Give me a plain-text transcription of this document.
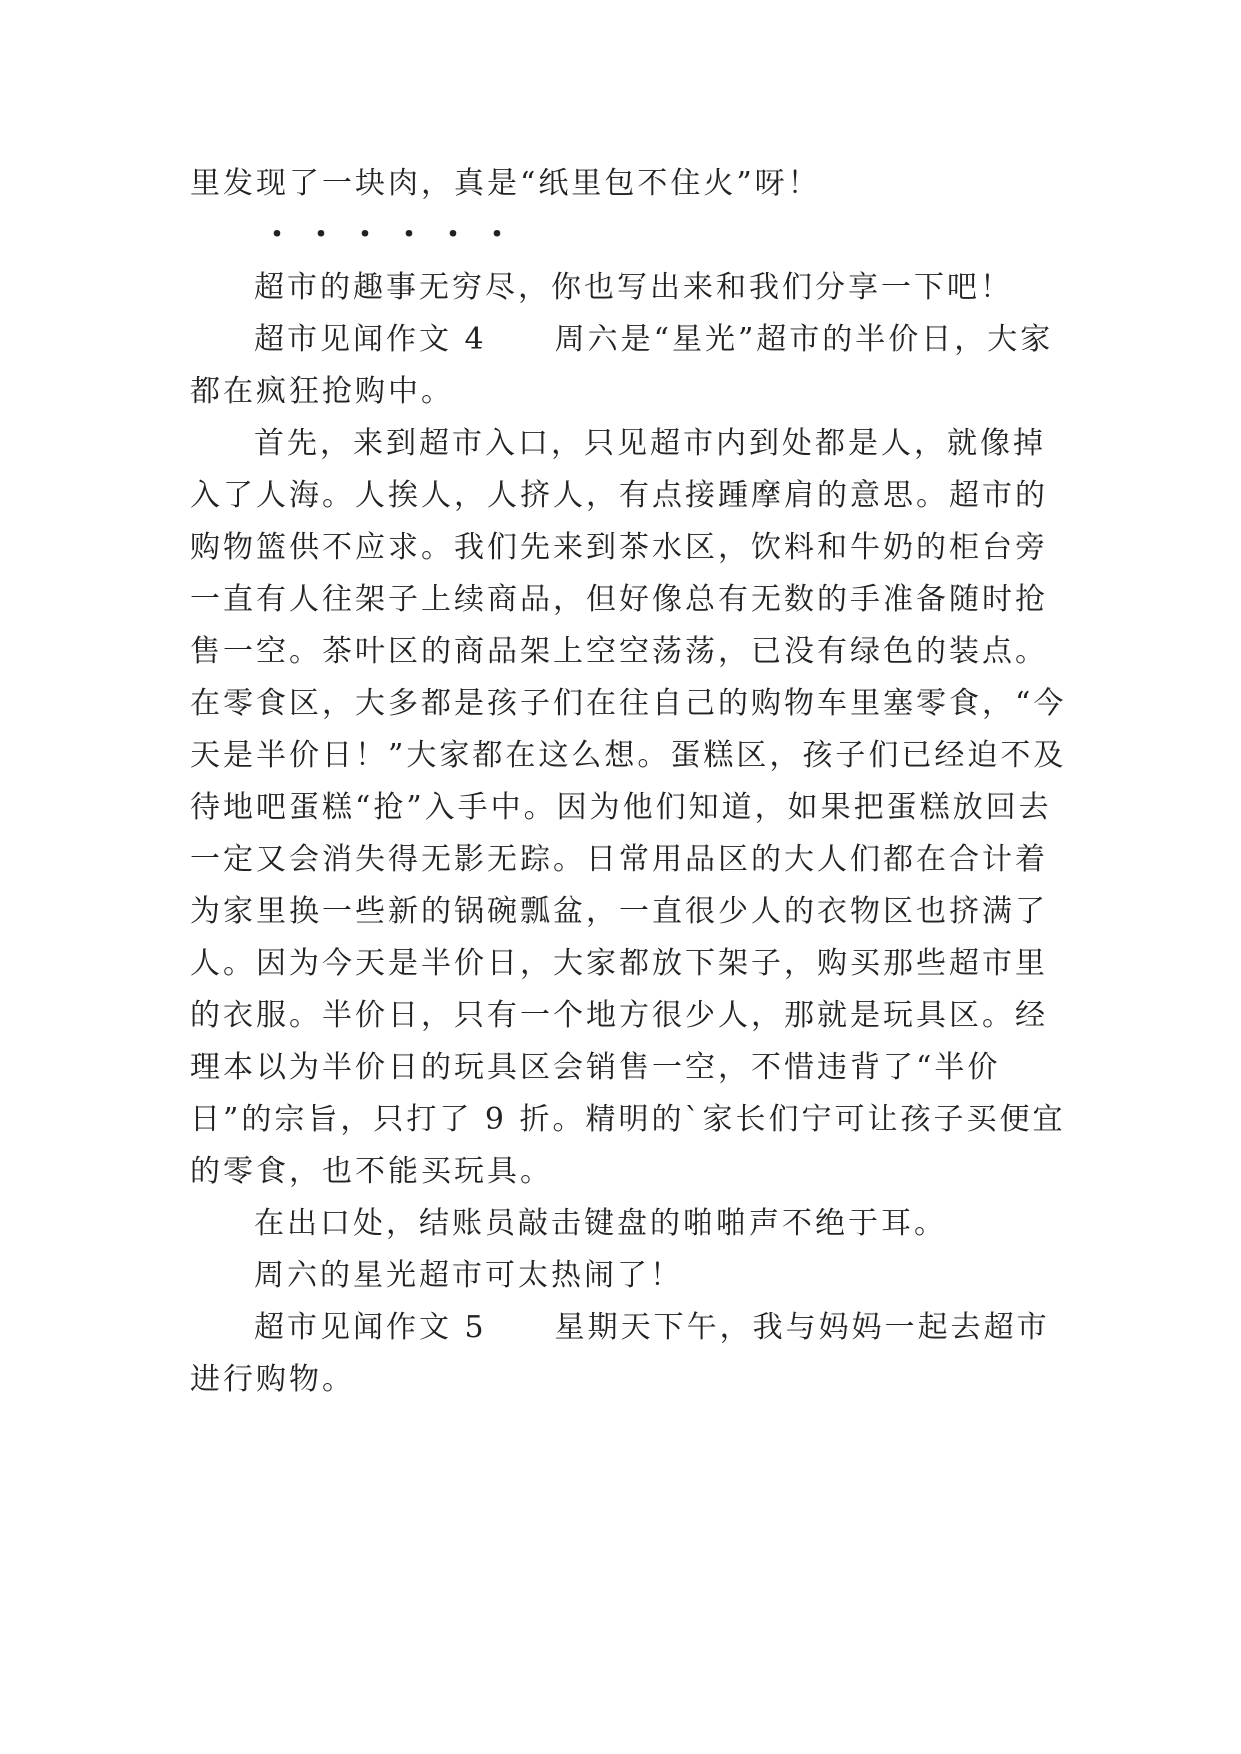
里发现了一块肉，真是“纸里包不住火”呀！

・・・・・・

超市的趣事无穷尽，你也写出来和我们分享一下吧！

超市见闻作文 4 周六是“星光”超市的半价日，大家都在疯狂抢购中。

首先，来到超市入口，只见超市内到处都是人，就像掉入了人海。人挨人，人挤人，有点接踵摩肩的意思。超市的购物篮供不应求。我们先来到茶水区，饮料和牛奶的柜台旁一直有人往架子上续商品，但好像总有无数的手准备随时抢售一空。茶叶区的商品架上空空荡荡，已没有绿色的装点。在零食区，大多都是孩子们在往自己的购物车里塞零食，“今天是半价日！”大家都在这么想。蛋糕区，孩子们已经迫不及待地吧蛋糕“抢”入手中。因为他们知道，如果把蛋糕放回去一定又会消失得无影无踪。日常用品区的大人们都在合计着为家里换一些新的锅碗瓢盆，一直很少人的衣物区也挤满了人。因为今天是半价日，大家都放下架子，购买那些超市里的衣服。半价日，只有一个地方很少人，那就是玩具区。经理本以为半价日的玩具区会销售一空，不惜违背了“半价日”的宗旨，只打了 9 折。精明的`家长们宁可让孩子买便宜的零食，也不能买玩具。

在出口处，结账员敲击键盘的啪啪声不绝于耳。

周六的星光超市可太热闹了！

超市见闻作文 5 星期天下午，我与妈妈一起去超市进行购物。
